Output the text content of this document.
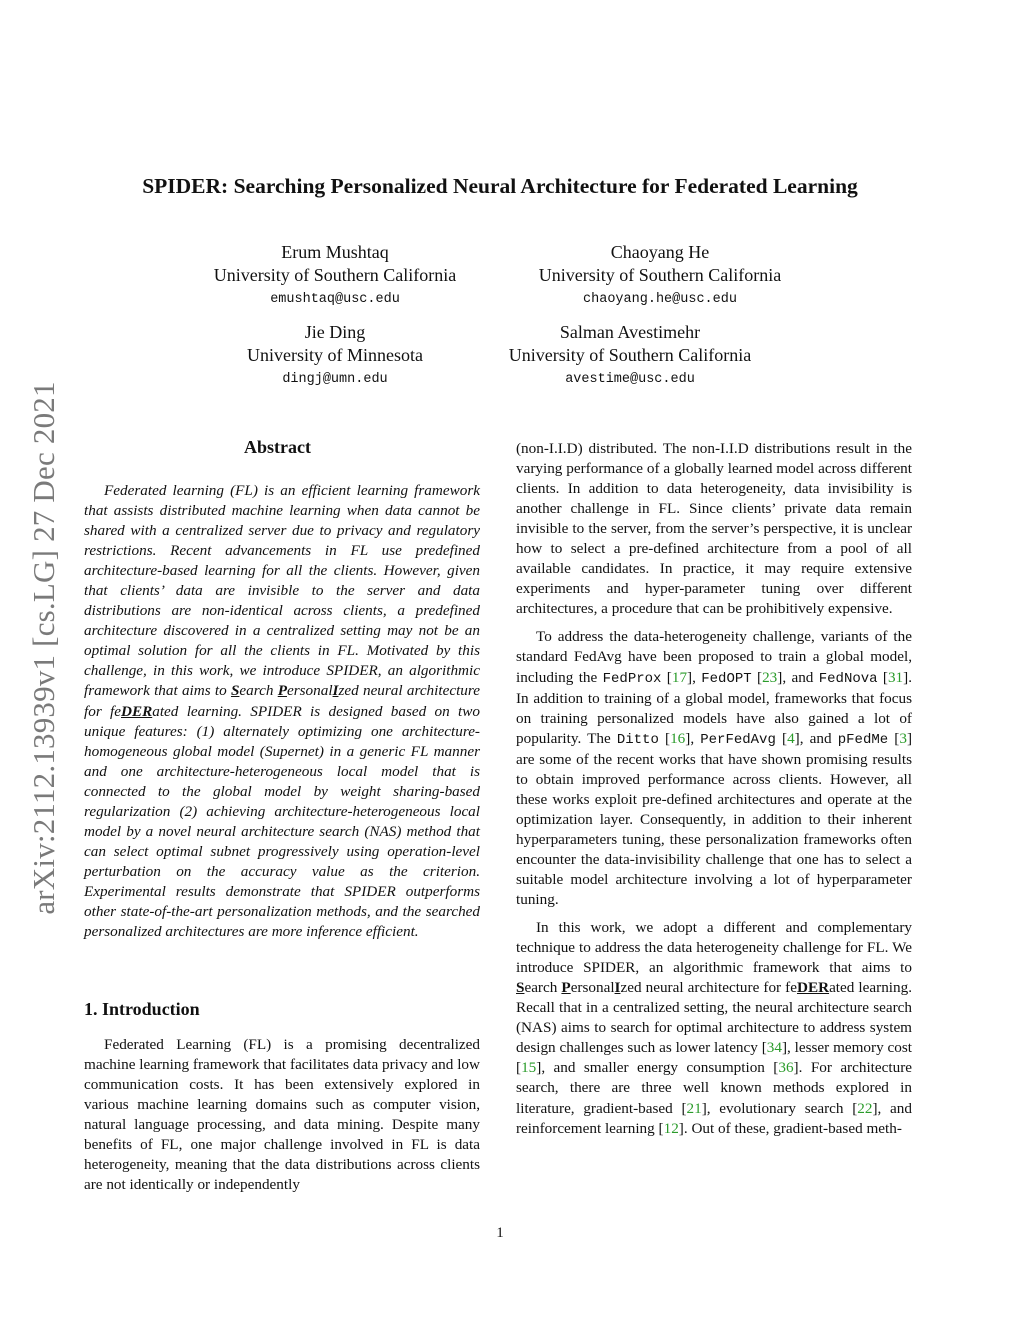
arXiv:2112.13939v1 [cs.LG] 27 Dec 2021
SPIDER: Searching Personalized Neural Architecture for Federated Learning
Erum Mushtaq
University of Southern California
emushtaq@usc.edu
Chaoyang He
University of Southern California
chaoyang.he@usc.edu
Jie Ding
University of Minnesota
dingj@umn.edu
Salman Avestimehr
University of Southern California
avestime@usc.edu
Abstract

Federated learning (FL) is an efficient learning framework that assists distributed machine learning when data cannot be shared with a centralized server due to privacy and regulatory restrictions. Recent advancements in FL use predefined architecture-based learning for all the clients. However, given that clients’ data are invisible to the server and data distributions are non-identical across clients, a predefined architecture discovered in a centralized setting may not be an optimal solution for all the clients in FL. Motivated by this challenge, in this work, we introduce SPIDER, an algorithmic framework that aims to Search PersonalIzed neural architecture for feDERated learning. SPIDER is designed based on two unique features: (1) alternately optimizing one architecture-homogeneous global model (Supernet) in a generic FL manner and one architecture-heterogeneous local model that is connected to the global model by weight sharing-based regularization (2) achieving architecture-heterogeneous local model by a novel neural architecture search (NAS) method that can select optimal subnet progressively using operation-level perturbation on the accuracy value as the criterion. Experimental results demonstrate that SPIDER outperforms other state-of-the-art personalization methods, and the searched personalized architectures are more inference efficient.

1. Introduction

Federated Learning (FL) is a promising decentralized machine learning framework that facilitates data privacy and low communication costs. It has been extensively explored in various machine learning domains such as computer vision, natural language processing, and data mining. Despite many benefits of FL, one major challenge involved in FL is data heterogeneity, meaning that the data distributions across clients are not identically or independently

(non-I.I.D) distributed. The non-I.I.D distributions result in the varying performance of a globally learned model across different clients. In addition to data heterogeneity, data invisibility is another challenge in FL. Since clients’ private data remain invisible to the server, from the server’s perspective, it is unclear how to select a pre-defined architecture from a pool of all available candidates. In practice, it may require extensive experiments and hyper-parameter tuning over different architectures, a procedure that can be prohibitively expensive.

To address the data-heterogeneity challenge, variants of the standard FedAvg have been proposed to train a global model, including the FedProx [17], FedOPT [23], and FedNova [31]. In addition to training of a global model, frameworks that focus on training personalized models have also gained a lot of popularity. The Ditto [16], PerFedAvg [4], and pFedMe [3] are some of the recent works that have shown promising results to obtain improved performance across clients. However, all these works exploit pre-defined architectures and operate at the optimization layer. Consequently, in addition to their inherent hyperparameters tuning, these personalization frameworks often encounter the data-invisibility challenge that one has to select a suitable model architecture involving a lot of hyperparameter tuning.

In this work, we adopt a different and complementary technique to address the data heterogeneity challenge for FL. We introduce SPIDER, an algorithmic framework that aims to Search PersonalIzed neural architecture for feDERated learning. Recall that in a centralized setting, the neural architecture search (NAS) aims to search for optimal architecture to address system design challenges such as lower latency [34], lesser memory cost [15], and smaller energy consumption [36]. For architecture search, there are three well known methods explored in literature, gradient-based [21], evolutionary search [22], and reinforcement learning [12]. Out of these, gradient-based meth-

1
